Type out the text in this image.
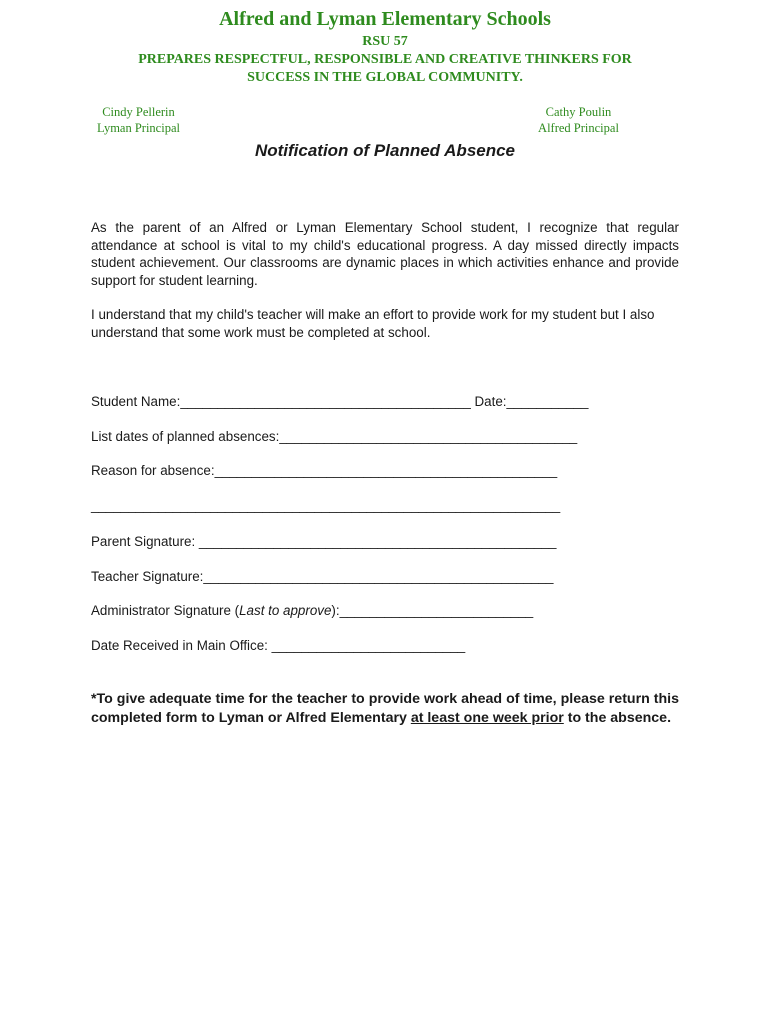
Alfred and Lyman Elementary Schools
RSU 57
PREPARES RESPECTFUL, RESPONSIBLE AND CREATIVE THINKERS FOR
SUCCESS IN THE GLOBAL COMMUNITY.
Cindy Pellerin
Lyman Principal
Cathy Poulin
Alfred Principal
Notification of Planned Absence

As the parent of an Alfred or Lyman Elementary School student, I recognize that regular attendance at school is vital to my child's educational progress. A day missed directly impacts student achievement. Our classrooms are dynamic places in which activities enhance and provide support for student learning.

I understand that my child's teacher will make an effort to provide work for my student but I also understand that some work must be completed at school.

Student Name:_______________________________________ Date:___________
List dates of planned absences:________________________________________
Reason for absence:______________________________________________
_______________________________________________________________
Parent Signature: ________________________________________________
Teacher Signature:_______________________________________________
Administrator Signature (Last to approve):__________________________
Date Received in Main Office: __________________________

*To give adequate time for the teacher to provide work ahead of time, please return this completed form to Lyman or Alfred Elementary at least one week prior to the absence.
